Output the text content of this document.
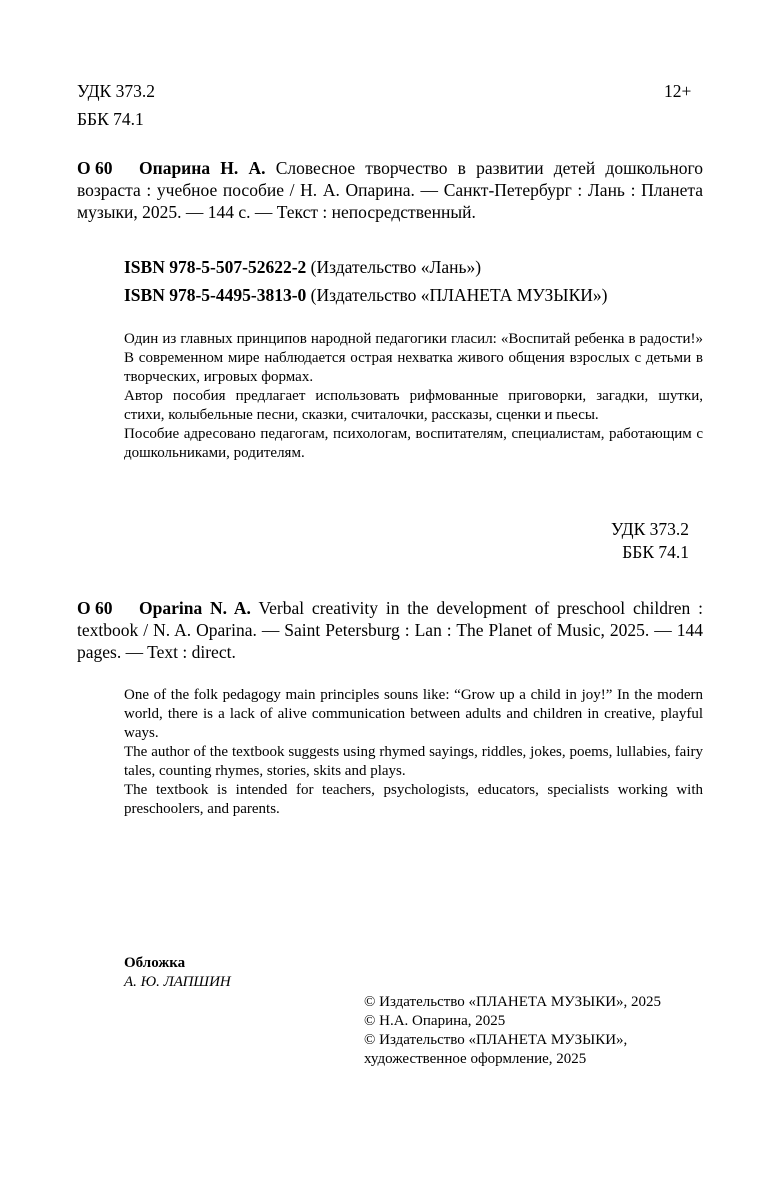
УДК 373.2
ББК 74.1
12+
О 60	Опарина Н. А. Словесное творчество в развитии детей дошкольного возраста : учебное пособие / Н. А. Опарина. — Санкт-Петербург : Лань : Планета музыки, 2025. — 144 с. — Текст : непосредственный.

ISBN 978-5-507-52622-2 (Издательство «Лань»)
ISBN 978-5-4495-3813-0 (Издательство «ПЛАНЕТА МУЗЫКИ»)

Один из главных принципов народной педагогики гласил: «Воспитай ребенка в радости!» В современном мире наблюдается острая нехватка живого общения взрослых с детьми в творческих, игровых формах.

Автор пособия предлагает использовать рифмованные приговорки, загадки, шутки, стихи, колыбельные песни, сказки, считалочки, рассказы, сценки и пьесы.

Пособие адресовано педагогам, психологам, воспитателям, специалистам, работающим с дошкольниками, родителям.

УДК 373.2
ББК 74.1
O 60	Oparina N. A. Verbal creativity in the development of preschool children : textbook / N. A. Oparina. — Saint Petersburg : Lan : The Planet of Music, 2025. — 144 pages. — Text : direct.

One of the folk pedagogy main principles souns like: “Grow up a child in joy!” In the modern world, there is a lack of alive communication between adults and children in creative, playful ways.

The author of the textbook suggests using rhymed sayings, riddles, jokes, poems, lullabies, fairy tales, counting rhymes, stories, skits and plays.

The textbook is intended for teachers, psychologists, educators, specialists working with preschoolers, and parents.

Обложка
А. Ю. ЛАПШИН
© Издательство «ПЛАНЕТА МУЗЫКИ», 2025
© Н.А. Опарина, 2025
© Издательство «ПЛАНЕТА МУЗЫКИ»,
художественное оформление, 2025
